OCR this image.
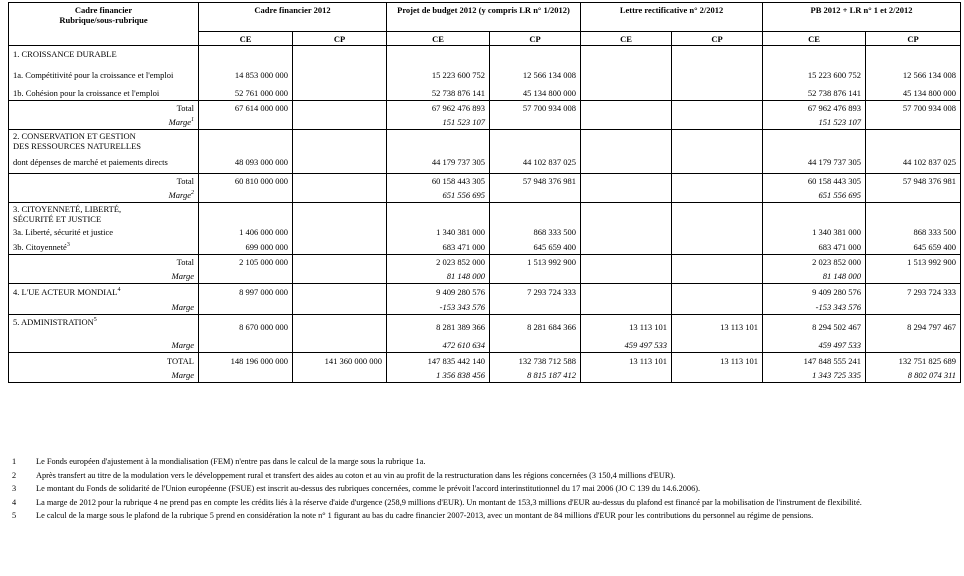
Cadre financier
Rubrique/sous-rubrique	Cadre financier 2012		Projet de budget 2012 (y compris LR n° 1/2012)		Lettre rectificative n° 2/2012		PB 2012 + LR n° 1 et 2/2012	
	CE	CP	CE	CP	CE	CP	CE	CP
1. CROISSANCE DURABLE								
1a. Compétitivité pour la croissance et l'emploi	14 853 000 000		15 223 600 752	12 566 134 008			15 223 600 752	12 566 134 008
1b. Cohésion pour la croissance et l'emploi	52 761 000 000		52 738 876 141	45 134 800 000			52 738 876 141	45 134 800 000
Total	67 614 000 000		67 962 476 893	57 700 934 008			67 962 476 893	57 700 934 008
Marge$^1$			151 523 107				151 523 107	

2. CONSERVATION ET GESTION
DES RESSOURCES NATURELLES								

dont dépenses de marché et paiements directs	48 093 000 000		44 179 737 305	44 102 837 025			44 179 737 305	44 102 837 025
Total	60 810 000 000		60 158 443 305	57 948 376 981			60 158 443 305	57 948 376 981
Marge$^2$			651 556 695				651 556 695	

3. CITOYENNETÉ, LIBERTÉ,
SÉCURITÉ ET JUSTICE								

3a. Liberté, sécurité et justice	1 406 000 000		1 340 381 000	868 333 500			1 340 381 000	868 333 500
3b. Citoyenneté$^3$	699 000 000		683 471 000	645 659 400			683 471 000	645 659 400
Total	2 105 000 000		2 023 852 000	1 513 992 900			2 023 852 000	1 513 992 900
Marge			81 148 000				81 148 000	
4. L'UE ACTEUR MONDIAL$^4$	8 997 000 000		9 409 280 576	7 293 724 333			9 409 280 576	7 293 724 333
Marge			-153 343 576				-153 343 576	
5. ADMINISTRATION$^5$	8 670 000 000		8 281 389 366	8 281 684 366	13 113 101	13 113 101	8 294 502 467	8 294 797 467
Marge			472 610 634		459 497 533		459 497 533	
TOTAL	148 196 000 000	141 360 000 000	147 835 442 140	132 738 712 588	13 113 101	13 113 101	147 848 555 241	132 751 825 689
Marge			1 356 838 456	8 815 187 412			1 343 725 335	8 802 074 311
1	Le Fonds européen d'ajustement à la mondialisation (FEM) n'entre pas dans le calcul de la marge sous la rubrique 1a.
2	Après transfert au titre de la modulation vers le développement rural et transfert des aides au coton et au vin au profit de la restructuration dans les régions concernées (3 150,4 millions d'EUR).
3	Le montant du Fonds de solidarité de l'Union européenne (FSUE) est inscrit au-dessus des rubriques concernées, comme le prévoit l'accord interinstitutionnel du 17 mai 2006 (JO C 139 du 14.6.2006).
4	La marge de 2012 pour la rubrique 4 ne prend pas en compte les crédits liés à la réserve d'aide d'urgence (258,9 millions d'EUR). Un montant de 153,3 millions d'EUR au-dessus du plafond est financé par la mobilisation de l'instrument de flexibilité.
5	Le calcul de la marge sous le plafond de la rubrique 5 prend en considération la note n° 1 figurant au bas du cadre financier 2007-2013, avec un montant de 84 millions d'EUR pour les contributions du personnel au régime de pensions.
